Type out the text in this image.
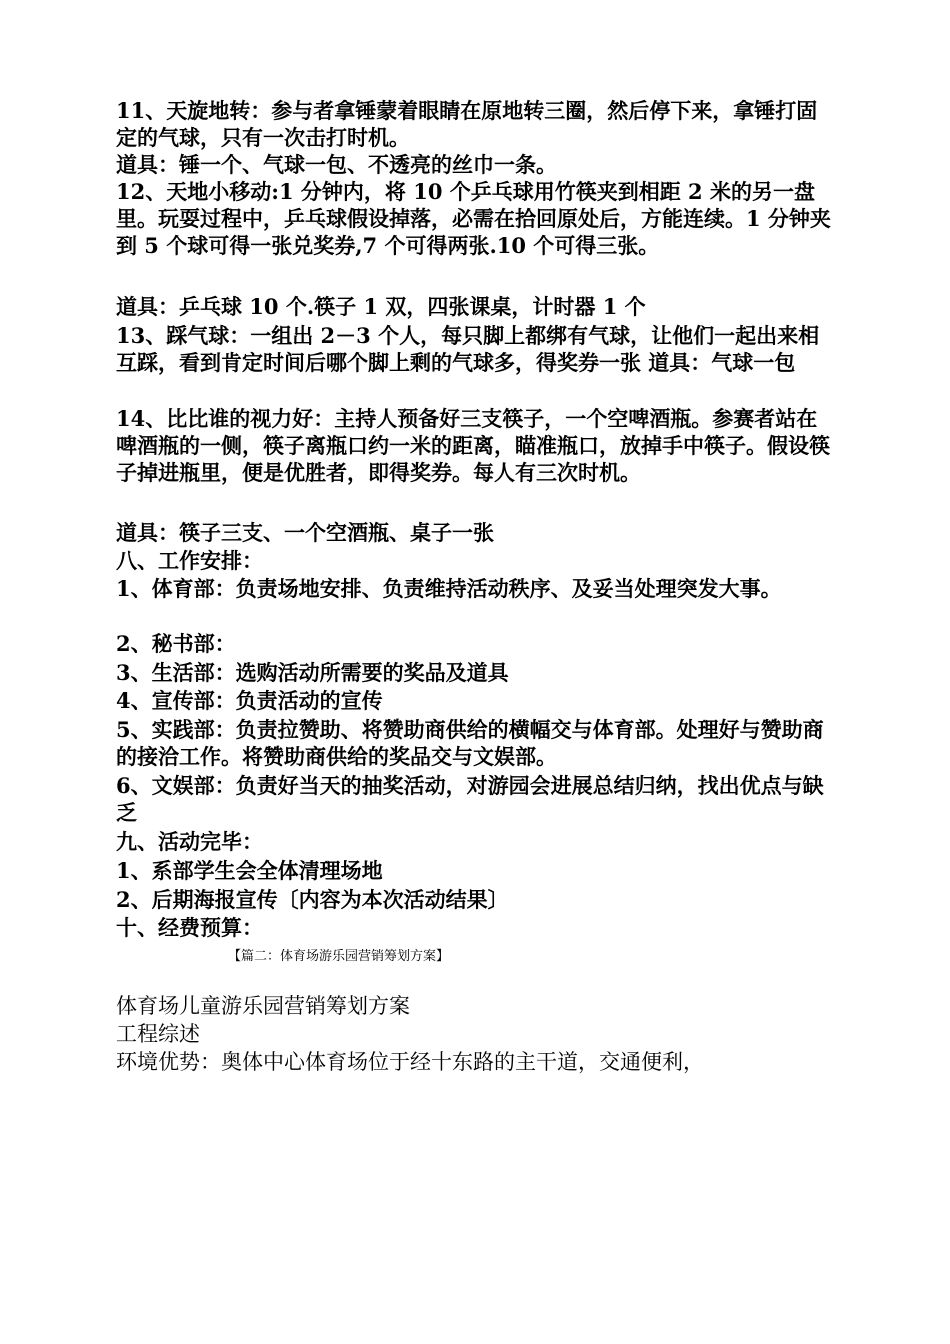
11、天旋地转：参与者拿锤蒙着眼睛在原地转三圈，然后停下来，拿锤打固定的气球，只有一次击打时机。
道具：锤一个、气球一包、不透亮的丝巾一条。
12、天地小移动:1 分钟内，将 10 个乒乓球用竹筷夹到相距 2 米的另一盘里。玩耍过程中，乒乓球假设掉落，必需在拾回原处后，方能连续。1 分钟夹到 5 个球可得一张兑奖券,7 个可得两张.10 个可得三张。
道具：乒乓球 10 个.筷子 1 双，四张课桌，计时器 1 个
13、踩气球：一组出 2－3 个人，每只脚上都绑有气球，让他们一起出来相互踩，看到肯定时间后哪个脚上剩的气球多，得奖券一张 道具：气球一包
14、比比谁的视力好：主持人预备好三支筷子，一个空啤酒瓶。参赛者站在啤酒瓶的一侧，筷子离瓶口约一米的距离，瞄准瓶口，放掉手中筷子。假设筷子掉进瓶里，便是优胜者，即得奖券。每人有三次时机。
道具：筷子三支、一个空酒瓶、桌子一张
八、工作安排：
1、体育部：负责场地安排、负责维持活动秩序、及妥当处理突发大事。
2、秘书部：
3、生活部：选购活动所需要的奖品及道具
4、宣传部：负责活动的宣传
5、实践部：负责拉赞助、将赞助商供给的横幅交与体育部。处理好与赞助商的接洽工作。将赞助商供给的奖品交与文娱部。
6、文娱部：负责好当天的抽奖活动，对游园会进展总结归纳，找出优点与缺乏
九、活动完毕：
1、系部学生会全体清理场地
2、后期海报宣传〔内容为本次活动结果〕
十、经费预算：
【篇二：体育场游乐园营销筹划方案】
体育场儿童游乐园营销筹划方案
工程综述
环境优势：奥体中心体育场位于经十东路的主干道，交通便利，
